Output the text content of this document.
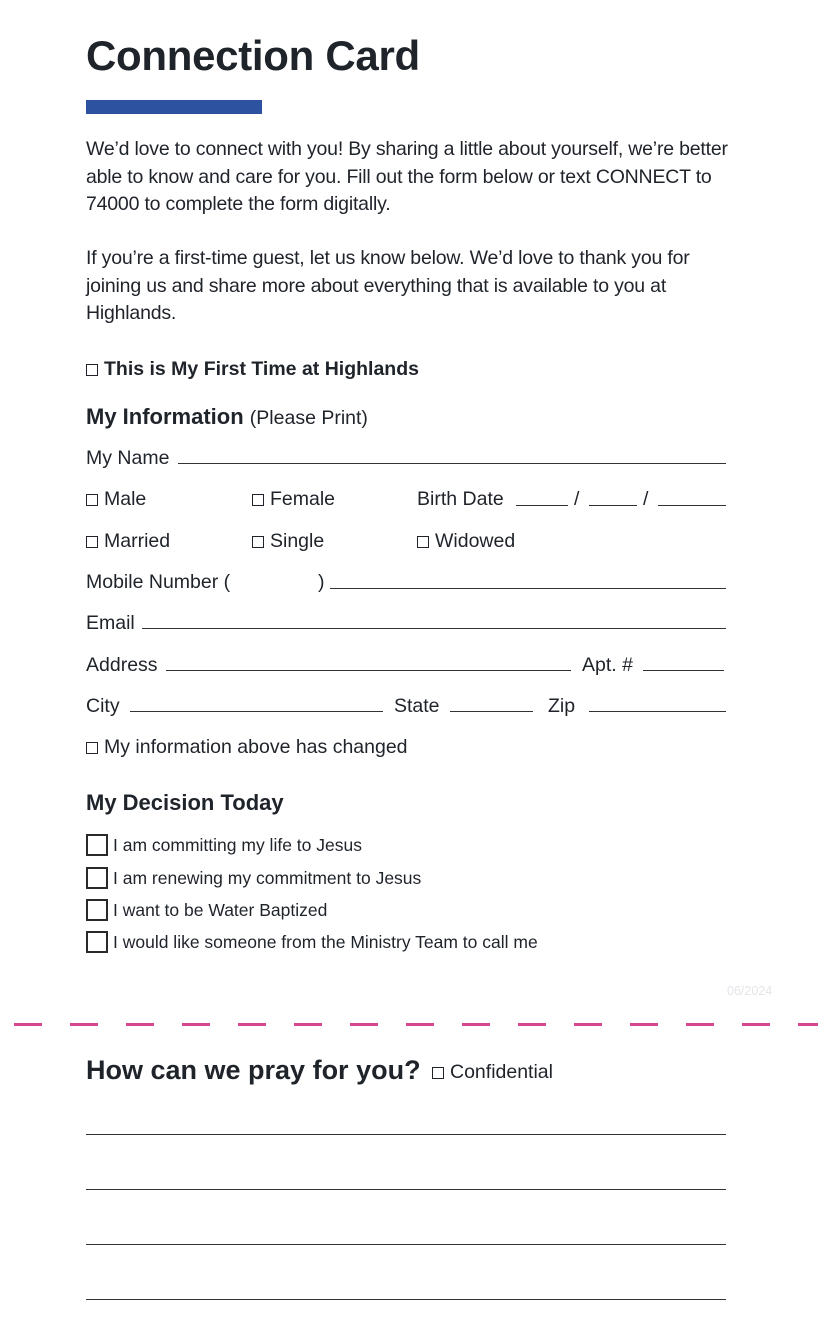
Connection Card
We’d love to connect with you! By sharing a little about yourself, we’re better able to know and care for you. Fill out the form below or text CONNECT to 74000 to complete the form digitally.
If you’re a first-time guest, let us know below. We’d love to thank you for joining us and share more about everything that is available to you at Highlands.
This is My First Time at Highlands
My Information (Please Print)
My Name
Male	Female	Birth Date	/	/
Married	Single	Widowed
Mobile Number (	)
Email
Address	Apt. #
City	State	Zip
My information above has changed
My Decision Today
I am committing my life to Jesus
I am renewing my commitment to Jesus
I want to be Water Baptized
I would like someone from the Ministry Team to call me
06/2024
How can we pray for you?	Confidential
